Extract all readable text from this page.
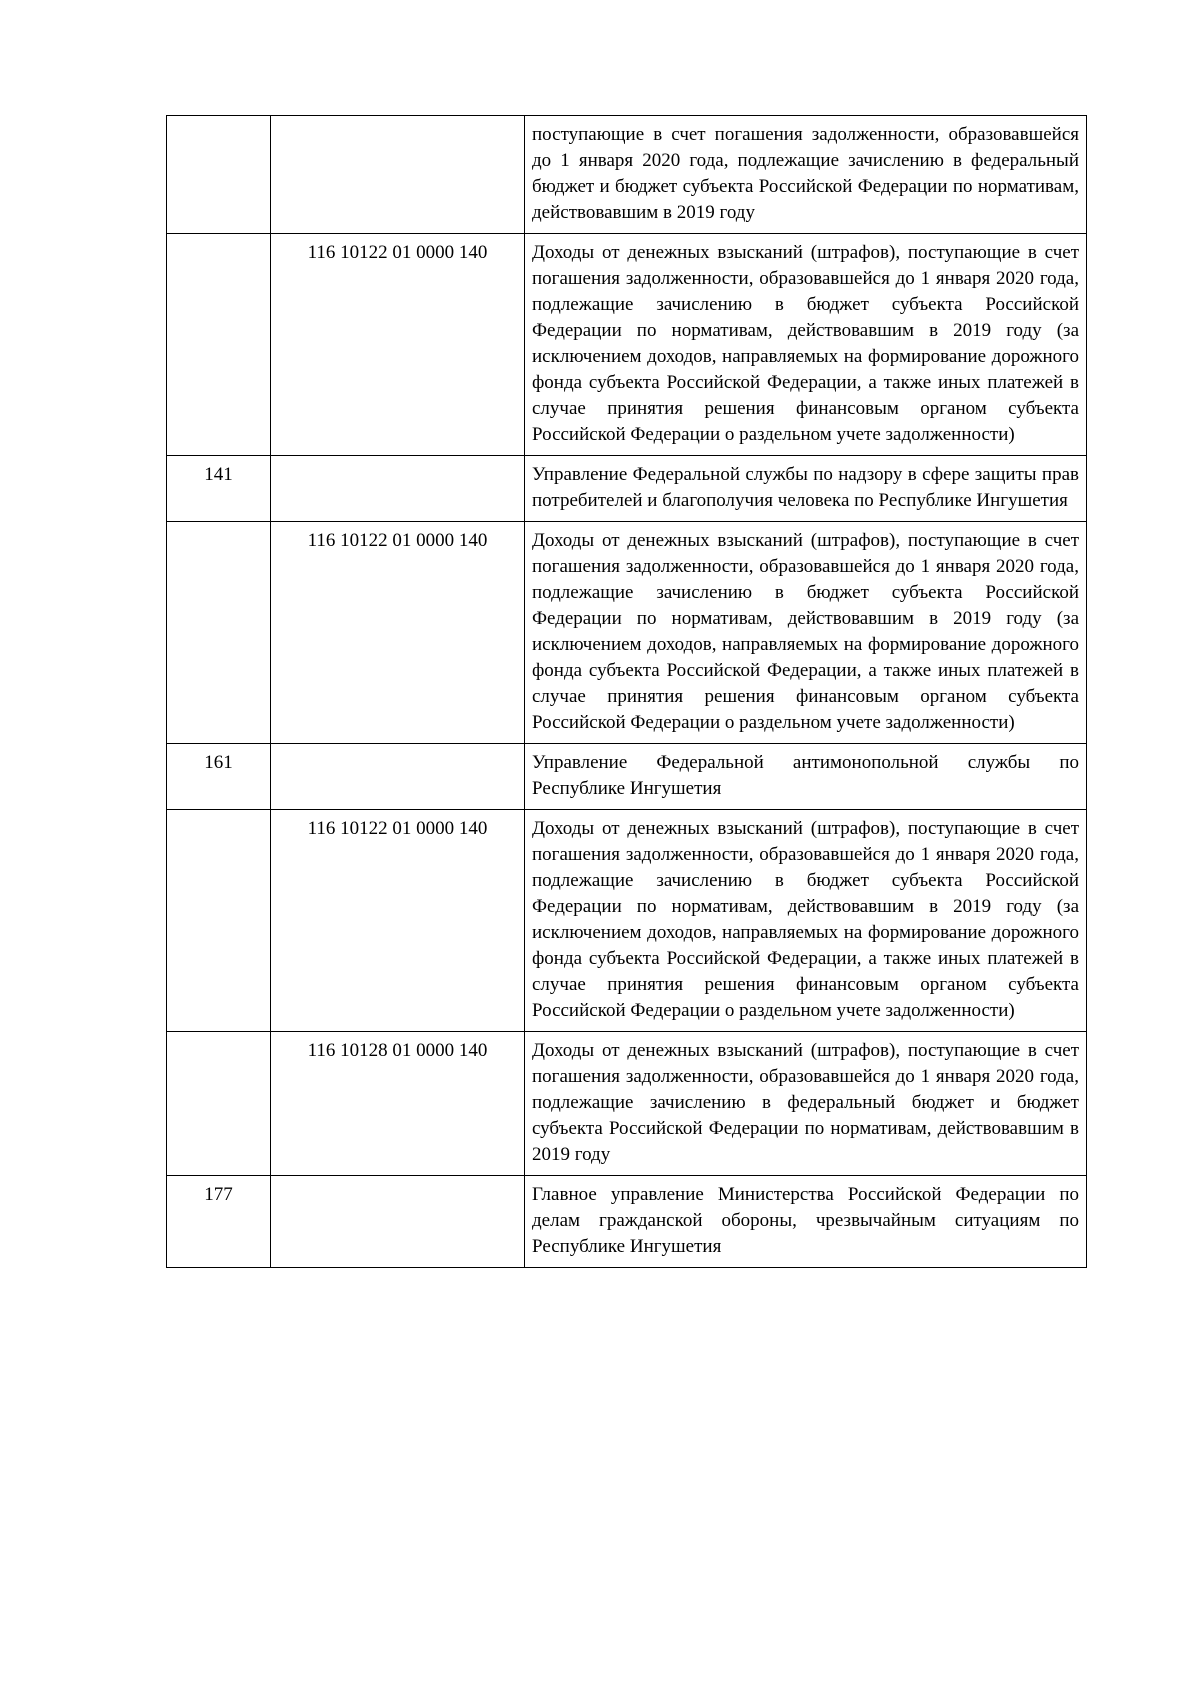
		поступающие в счет погашения задолженности, образовавшейся до 1 января 2020 года, подлежащие зачислению в федеральный бюджет и бюджет субъекта Российской Федерации по нормативам, действовавшим в 2019 году
	116 10122 01 0000 140	Доходы от денежных взысканий (штрафов), поступающие в счет погашения задолженности, образовавшейся до 1 января 2020 года, подлежащие зачислению в бюджет субъекта Российской Федерации по нормативам, действовавшим в 2019 году (за исключением доходов, направляемых на формирование дорожного фонда субъекта Российской Федерации, а также иных платежей в случае принятия решения финансовым органом субъекта Российской Федерации о раздельном учете задолженности)
141		Управление Федеральной службы по надзору в сфере защиты прав потребителей и благополучия человека по Республике Ингушетия
	116 10122 01 0000 140	Доходы от денежных взысканий (штрафов), поступающие в счет погашения задолженности, образовавшейся до 1 января 2020 года, подлежащие зачислению в бюджет субъекта Российской Федерации по нормативам, действовавшим в 2019 году (за исключением доходов, направляемых на формирование дорожного фонда субъекта Российской Федерации, а также иных платежей в случае принятия решения финансовым органом субъекта Российской Федерации о раздельном учете задолженности)
161		Управление Федеральной антимонопольной службы по Республике Ингушетия
	116 10122 01 0000 140	Доходы от денежных взысканий (штрафов), поступающие в счет погашения задолженности, образовавшейся до 1 января 2020 года, подлежащие зачислению в бюджет субъекта Российской Федерации по нормативам, действовавшим в 2019 году (за исключением доходов, направляемых на формирование дорожного фонда субъекта Российской Федерации, а также иных платежей в случае принятия решения финансовым органом субъекта Российской Федерации о раздельном учете задолженности)
	116 10128 01 0000 140	Доходы от денежных взысканий (штрафов), поступающие в счет погашения задолженности, образовавшейся до 1 января 2020 года, подлежащие зачислению в федеральный бюджет и бюджет субъекта Российской Федерации по нормативам, действовавшим в 2019 году
177		Главное управление Министерства Российской Федерации по делам гражданской обороны, чрезвычайным ситуациям по Республике Ингушетия
